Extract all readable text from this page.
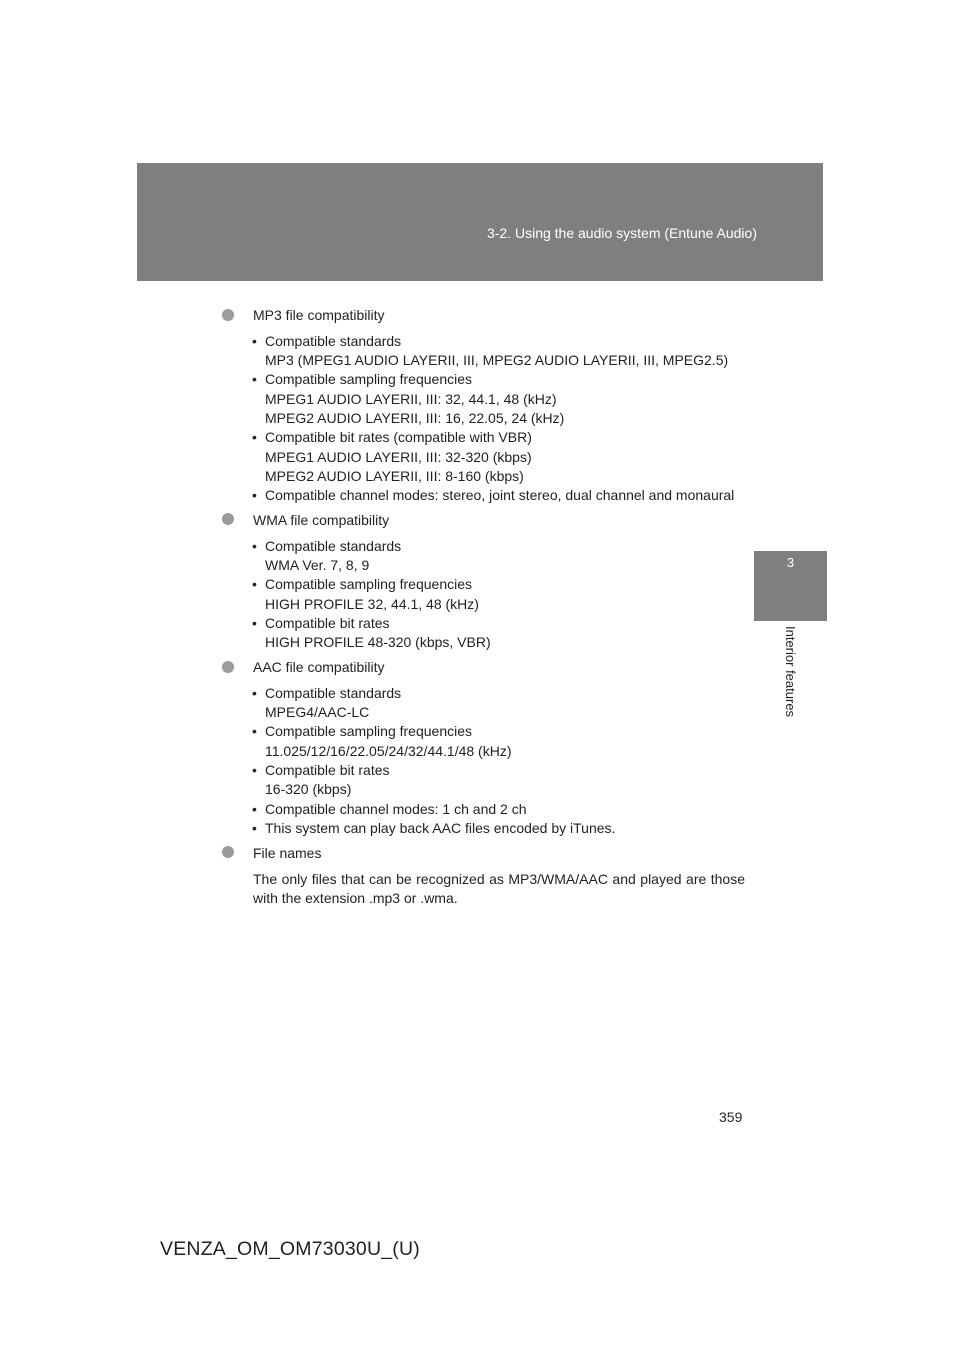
3-2. Using the audio system (Entune Audio)
3
Interior features
MP3 file compatibility
• Compatible standards
MP3 (MPEG1 AUDIO LAYERII, III, MPEG2 AUDIO LAYERII, III, MPEG2.5)
• Compatible sampling frequencies
MPEG1 AUDIO LAYERII, III: 32, 44.1, 48 (kHz)
MPEG2 AUDIO LAYERII, III: 16, 22.05, 24 (kHz)
• Compatible bit rates (compatible with VBR)
MPEG1 AUDIO LAYERII, III: 32-320 (kbps)
MPEG2 AUDIO LAYERII, III: 8-160 (kbps)
• Compatible channel modes: stereo, joint stereo, dual channel and monaural
WMA file compatibility
• Compatible standards
WMA Ver. 7, 8, 9
• Compatible sampling frequencies
HIGH PROFILE 32, 44.1, 48 (kHz)
• Compatible bit rates
HIGH PROFILE 48-320 (kbps, VBR)
AAC file compatibility
• Compatible standards
MPEG4/AAC-LC
• Compatible sampling frequencies
11.025/12/16/22.05/24/32/44.1/48 (kHz)
• Compatible bit rates
16-320 (kbps)
• Compatible channel modes: 1 ch and 2 ch
• This system can play back AAC files encoded by iTunes.
File names
The only files that can be recognized as MP3/WMA/AAC and played are those with the extension .mp3 or .wma.
359
VENZA_OM_OM73030U_(U)
